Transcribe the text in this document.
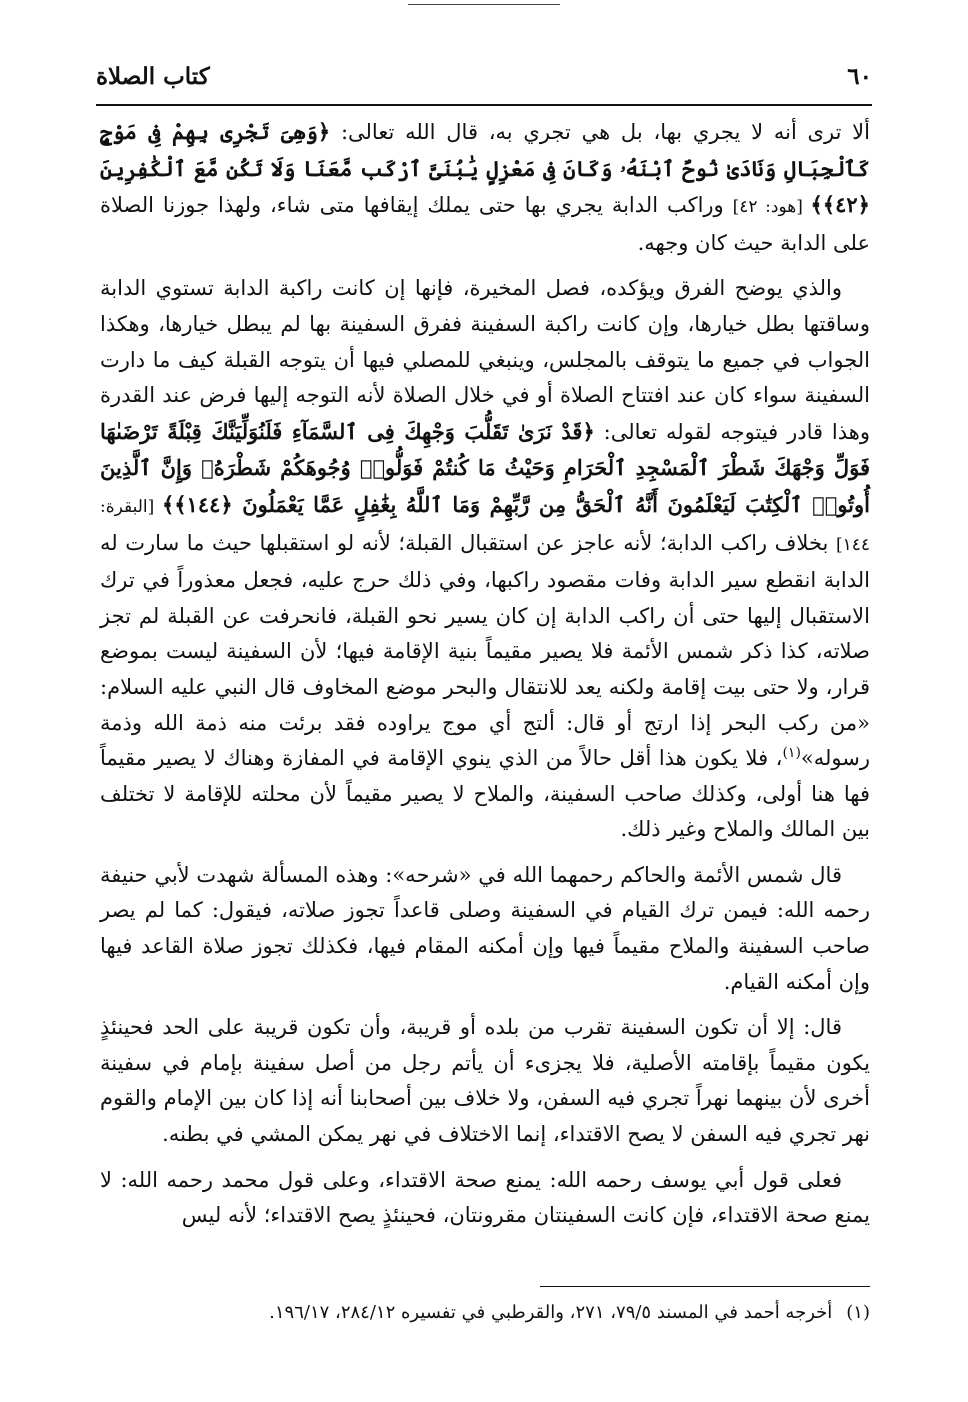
٦٠
كتاب الصلاة

ألا ترى أنه لا يجري بها، بل هي تجري به، قال الله تعالى: ﴿وَهِىَ تَجْرِى بِهِمْ فِى مَوْجٍ كَٱلْجِبَالِ وَنَادَىٰ نُوحٌ ٱبْنَهُۥ وَكَانَ فِى مَعْزِلٍ يَٰبُنَىَّ ٱرْكَب مَّعَنَا وَلَا تَكُن مَّعَ ٱلْكَٰفِرِينَ ﴿٤٢﴾﴾ [هود: ٤٢] وراكب الدابة يجري بها حتى يملك إيقافها متى شاء، ولهذا جوزنا الصلاة على الدابة حيث كان وجهه.

والذي يوضح الفرق ويؤكده، فصل المخيرة، فإنها إن كانت راكبة الدابة تستوي الدابة وساقتها بطل خيارها، وإن كانت راكبة السفينة ففرق السفينة بها لم يبطل خيارها، وهكذا الجواب في جميع ما يتوقف بالمجلس، وينبغي للمصلي فيها أن يتوجه القبلة كيف ما دارت السفينة سواء كان عند افتتاح الصلاة أو في خلال الصلاة لأنه التوجه إليها فرض عند القدرة وهذا قادر فيتوجه لقوله تعالى: ﴿قَدْ نَرَىٰ تَقَلُّبَ وَجْهِكَ فِى ٱلسَّمَآءِ فَلَنُوَلِّيَنَّكَ قِبْلَةً تَرْضَىٰهَا فَوَلِّ وَجْهَكَ شَطْرَ ٱلْمَسْجِدِ ٱلْحَرَامِ وَحَيْثُ مَا كُنتُمْ فَوَلُّوا۟ وُجُوهَكُمْ شَطْرَهُۥ وَإِنَّ ٱلَّذِينَ أُوتُوا۟ ٱلْكِتَٰبَ لَيَعْلَمُونَ أَنَّهُ ٱلْحَقُّ مِن رَّبِّهِمْ وَمَا ٱللَّهُ بِغَٰفِلٍ عَمَّا يَعْمَلُونَ ﴿١٤٤﴾﴾ [البقرة: ١٤٤] بخلاف راكب الدابة؛ لأنه عاجز عن استقبال القبلة؛ لأنه لو استقبلها حيث ما سارت له الدابة انقطع سير الدابة وفات مقصود راكبها، وفي ذلك حرج عليه، فجعل معذوراً في ترك الاستقبال إليها حتى أن راكب الدابة إن كان يسير نحو القبلة، فانحرفت عن القبلة لم تجز صلاته، كذا ذكر شمس الأئمة فلا يصير مقيماً بنية الإقامة فيها؛ لأن السفينة ليست بموضع قرار، ولا حتى بيت إقامة ولكنه يعد للانتقال والبحر موضع المخاوف قال النبي عليه السلام: «من ركب البحر إذا ارتج أو قال: ألتج أي موج يراوده فقد برئت منه ذمة الله وذمة رسوله»$^{(١)}$، فلا يكون هذا أقل حالاً من الذي ينوي الإقامة في المفازة وهناك لا يصير مقيماً فها هنا أولى، وكذلك صاحب السفينة، والملاح لا يصير مقيماً لأن محلته للإقامة لا تختلف بين المالك والملاح وغير ذلك.

قال شمس الأئمة والحاكم رحمهما الله في «شرحه»: وهذه المسألة شهدت لأبي حنيفة رحمه الله: فيمن ترك القيام في السفينة وصلى قاعداً تجوز صلاته، فيقول: كما لم يصر صاحب السفينة والملاح مقيماً فيها وإن أمكنه المقام فيها، فكذلك تجوز صلاة القاعد فيها وإن أمكنه القيام.

قال: إلا أن تكون السفينة تقرب من بلده أو قريبة، وأن تكون قريبة على الحد فحينئذٍ يكون مقيماً بإقامته الأصلية، فلا يجزىء أن يأتم رجل من أصل سفينة بإمام في سفينة أخرى لأن بينهما نهراً تجري فيه السفن، ولا خلاف بين أصحابنا أنه إذا كان بين الإمام والقوم نهر تجري فيه السفن لا يصح الاقتداء، إنما الاختلاف في نهر يمكن المشي في بطنه.

فعلى قول أبي يوسف رحمه الله: يمنع صحة الاقتداء، وعلى قول محمد رحمه الله: لا يمنع صحة الاقتداء، فإن كانت السفينتان مقرونتان، فحينئذٍ يصح الاقتداء؛ لأنه ليس

(١)أخرجه أحمد في المسند ٧٩/٥، ٢٧١، والقرطبي في تفسيره ٢٨٤/١٢، ١٩٦/١٧.
